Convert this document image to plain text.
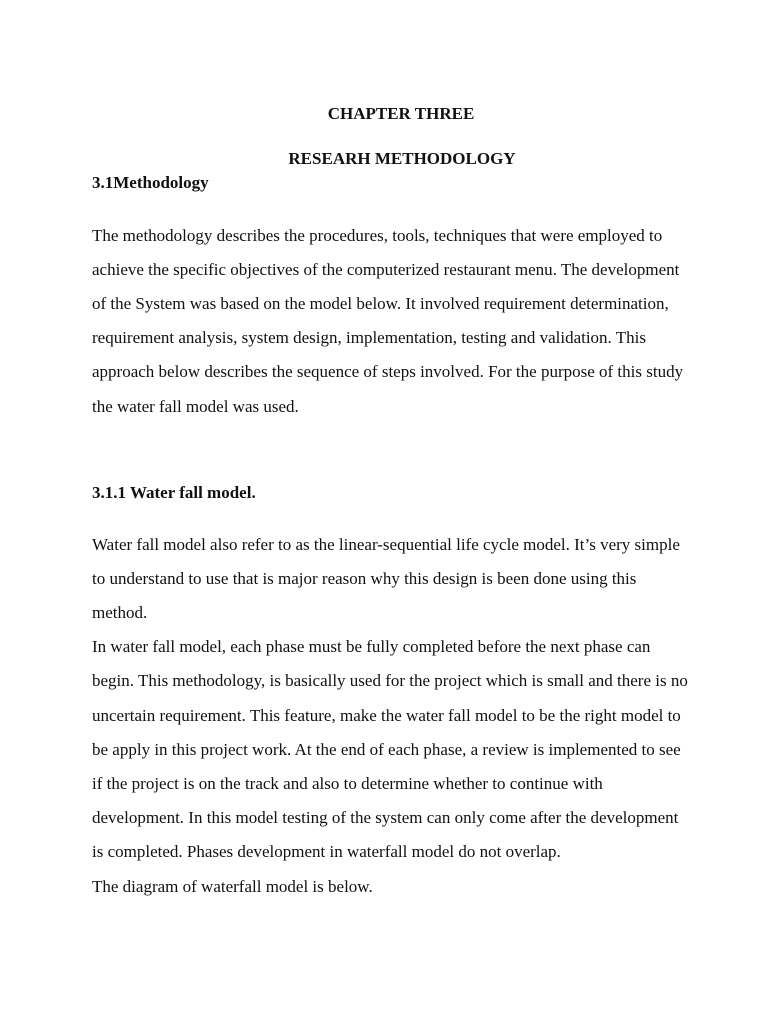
CHAPTER THREE
RESEARH METHODOLOGY
3.1Methodology
The methodology describes the procedures, tools, techniques that were employed to
achieve the specific objectives of the computerized restaurant menu. The development
of the System was based on the model below. It involved requirement determination,
requirement analysis, system design, implementation, testing and validation. This
approach below describes the sequence of steps involved. For the purpose of this study
the water fall model was used.
3.1.1 Water fall model.
Water fall model also refer to as the linear-sequential life cycle model. It’s very simple
to understand to use that is major reason why this design is been done using this
method.
In water fall model, each phase must be fully completed before the next phase can
begin. This methodology, is basically used for the project which is small and there is no
uncertain requirement. This feature, make the water fall model to be the right model to
be apply in this project work. At the end of each phase, a review is implemented to see
if the project is on the track and also to determine whether to continue with
development. In this model testing of the system can only come after the development
is completed. Phases development in waterfall model do not overlap.
The diagram of waterfall model is below.
